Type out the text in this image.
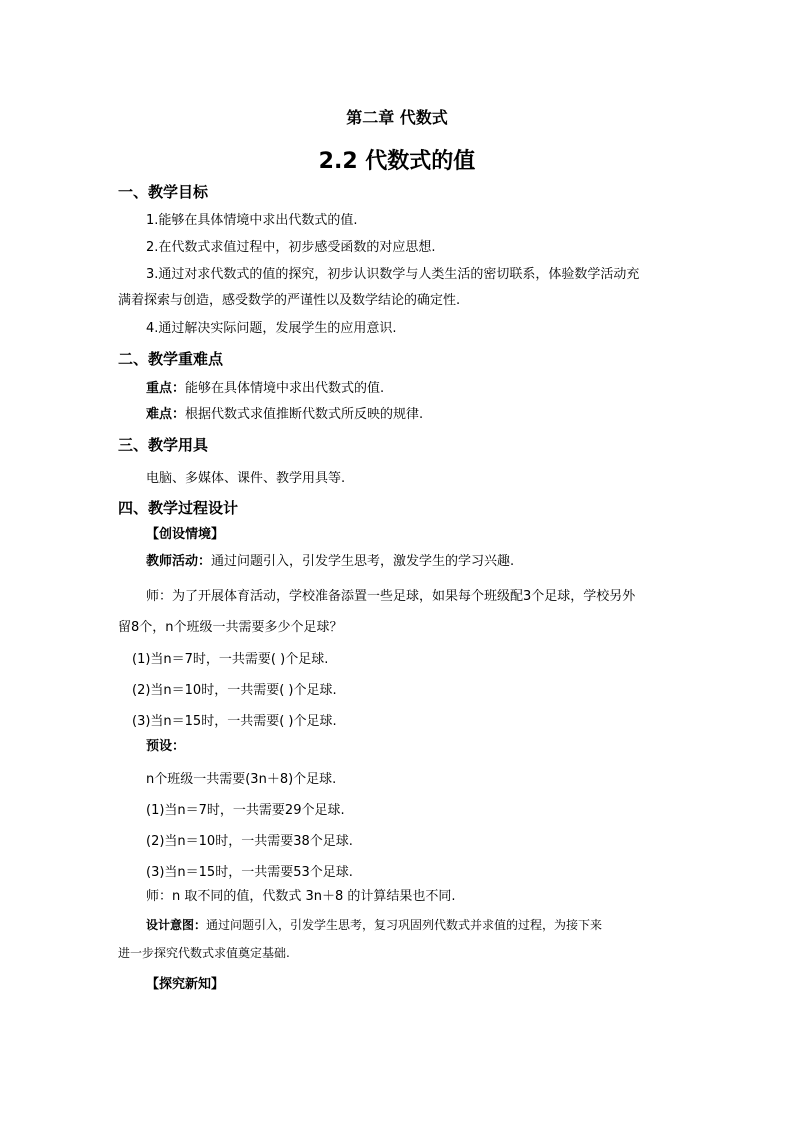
第二章 代数式
2.2 代数式的值
一、教学目标
1.能够在具体情境中求出代数式的值.
2.在代数式求值过程中，初步感受函数的对应思想.
3.通过对求代数式的值的探究，初步认识数学与人类生活的密切联系，体验数学活动充
满着探索与创造，感受数学的严谨性以及数学结论的确定性.
4.通过解决实际问题，发展学生的应用意识.
二、教学重难点
重点：能够在具体情境中求出代数式的值.
难点：根据代数式求值推断代数式所反映的规律.
三、教学用具
电脑、多媒体、课件、教学用具等.
四、教学过程设计
【创设情境】
教师活动：通过问题引入，引发学生思考，激发学生的学习兴趣.
师：为了开展体育活动，学校准备添置一些足球，如果每个班级配3个足球，学校另外
留8个，n个班级一共需要多少个足球？
(1)当n＝7时，一共需要( )个足球.
(2)当n＝10时，一共需要( )个足球.
(3)当n＝15时，一共需要( )个足球.
预设：
n个班级一共需要(3n＋8)个足球.
(1)当n＝7时，一共需要29个足球.
(2)当n＝10时，一共需要38个足球.
(3)当n＝15时，一共需要53个足球.
师：n 取不同的值，代数式 3n＋8 的计算结果也不同.
设计意图：通过问题引入，引发学生思考，复习巩固列代数式并求值的过程，为接下来
进一步探究代数式求值奠定基础.
【探究新知】
